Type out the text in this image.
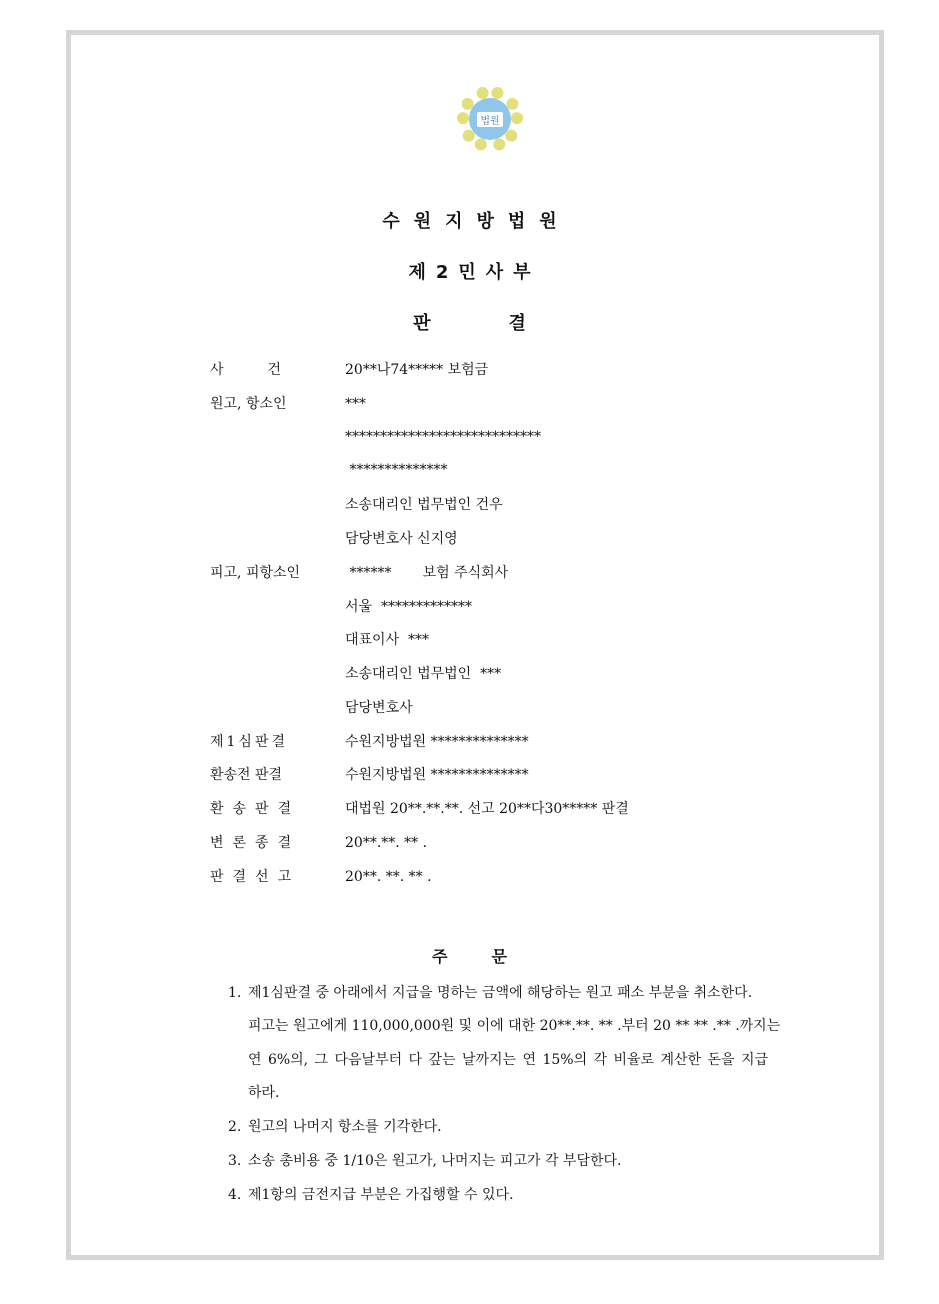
법원
수원지방법원
제2민사부
판결
사건	20**나74***** 보험금
원고, 항소인	***
****************************
**************
소송대리인 법무법인 건우
담당변호사 신지영
피고, 피항소인	******       보험 주식회사
서울  *************
대표이사  ***
소송대리인 법무법인  ***
담당변호사
제1심판결	수원지방법원 **************
환송전 판결	수원지방법원 **************
환송판결	대법원 20**.**.**. 선고 20**다30***** 판결
변론종결	20**.**. ** .
판결선고	20**. **. ** .
주문
1. 제1심판결 중 아래에서 지급을 명하는 금액에 해당하는 원고 패소 부분을 취소한다.
피고는 원고에게 110,000,000원 및 이에 대한 20**.**. ** .부터 20 ** ** .** .까지는
연 6%의, 그 다음날부터 다 갚는 날까지는 연 15%의 각 비율로 계산한 돈을 지급
하라.
2. 원고의 나머지 항소를 기각한다.
3. 소송 총비용 중 1/10은 원고가, 나머지는 피고가 각 부담한다.
4. 제1항의 금전지급 부분은 가집행할 수 있다.
